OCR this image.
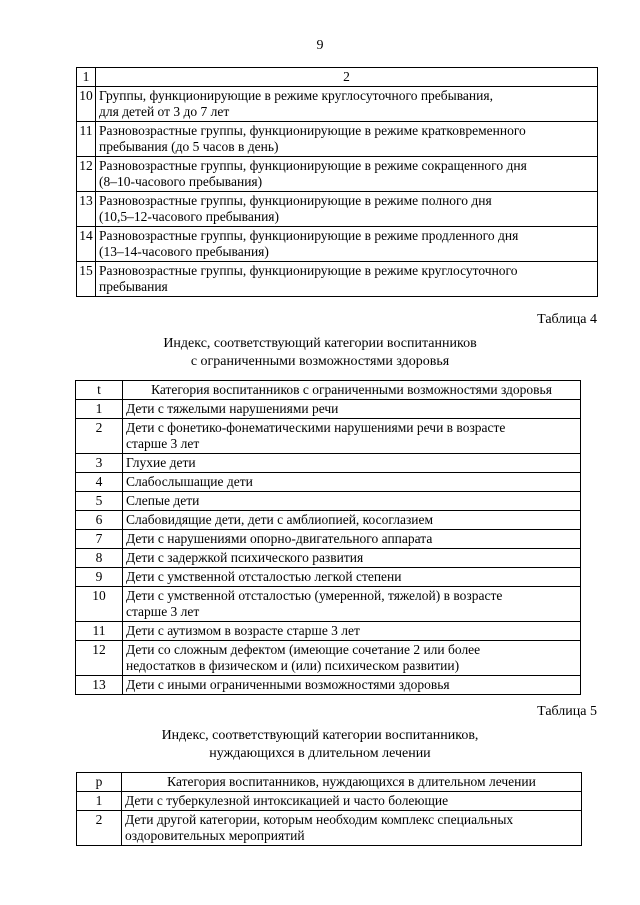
9
1	2
10	Группы, функционирующие в режиме круглосуточного пребывания,
для детей от 3 до 7 лет

11	Разновозрастные группы, функционирующие в режиме кратковременного
пребывания (до 5 часов в день)

12	Разновозрастные группы, функционирующие в режиме сокращенного дня
(8–10-часового пребывания)

13	Разновозрастные группы, функционирующие в режиме полного дня
(10,5–12-часового пребывания)

14	Разновозрастные группы, функционирующие в режиме продленного дня
(13–14-часового пребывания)

15	Разновозрастные группы, функционирующие в режиме круглосуточного
пребывания
Таблица 4
Индекс, соответствующий категории воспитанников
с ограниченными возможностями здоровья
t	Категория воспитанников с ограниченными возможностями здоровья
1	Дети с тяжелыми нарушениями речи

2	Дети с фонетико-фонематическими нарушениями речи в возрасте
старше 3 лет

3	Глухие дети

4	Слабослышащие дети

5	Слепые дети

6	Слабовидящие дети, дети с амблиопией, косоглазием

7	Дети с нарушениями опорно-двигательного аппарата

8	Дети с задержкой психического развития

9	Дети с умственной отсталостью легкой степени

10	Дети с умственной отсталостью (умеренной, тяжелой) в возрасте
старше 3 лет

11	Дети с аутизмом в возрасте старше 3 лет

12	Дети со сложным дефектом (имеющие сочетание 2 или более
недостатков в физическом и (или) психическом развитии)

13	Дети с иными ограниченными возможностями здоровья
Таблица 5
Индекс, соответствующий категории воспитанников,
нуждающихся в длительном лечении
p	Категория воспитанников, нуждающихся в длительном лечении
1	Дети с туберкулезной интоксикацией и часто болеющие

2	Дети другой категории, которым необходим комплекс специальных
оздоровительных мероприятий
